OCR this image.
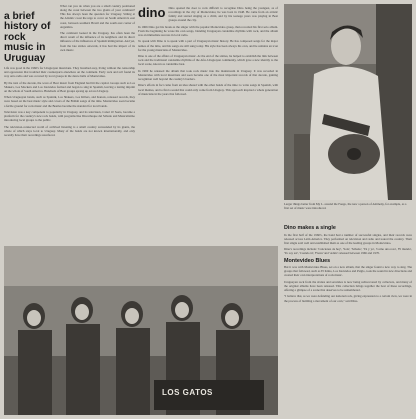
a brief
history of rock
music in
Uruguay

What can you do when you are a small country positioned along the coast between the two giants of your continent? This has always been the question for Uruguay. Sitting at the Atlantic coast the urge to cover on South America's east coast, between southern Brazil and the south east corner of Argentina.

The continent looked in the Uruguay, has often been the direct result of the influence of its neighbors and its direct influence of the influences of Spanish immigration. And yet, from the late sixties onwards, it has had the impact of its own music.

Life was good in the 1960's for Uruguayan musicians. They breathed easy, living without the censorship and oppression that troubled their counterparts elsewhere on the continent. Early rock and roll found its way onto radio and was covered by local groups in the dance halls of Montevideo.

By the turn of the decade, the wave of Beat music from England had hit the capital. Groups such as Los Shakers, Los Mockers and Los Iracundos formed and began to sing in Spanish, leaving a lasting imprint on the whole of South America. Hundreds of Beat groups sprang up across Uruguay.

When Uruguayan bands, such as Sputnik, Los Shakers, Los Killers, and Kanois, released records, they were based on the beat music style and covers of the British songs of the time. Montevideo soon became a fertile ground for rock music and the Beatles became the standard for local bands.

Television was a key component to popularity in Uruguay, and its television, Canal 10 Saeta, became a platform for the country's new rock bands, with programs like Discotheque del Sábado and Musicalísimo introducing local groups to the public.

The television-connected world of archived listening is a small country surrounded by its giants, the whole of which stays local to Uruguay. Many of the bands are not known internationally, and only recently have their recordings resurfaced.

dino Dino opened the door to rock difficult to recognise Dino being the youngest, as of recordings in the city of Montevideo; he was born in 1948. He came from an artistic family and started singing as a child, and by his teenage years was playing in Beat groups around the city.

In 1966 Dino got his break as the singer with the popular Montevideo group, then recorded his first solo album. From the beginning he wrote his own songs, blending Uruguayan candombe rhythms with rock, and the album was an immediate success in local radio.

To speak with Dino is to speak with a part of Uruguayan music history. He has composed songs for the major names of the time, and his songs are still sung today. His style has been always his own, and he remains an icon for the young musicians of Montevideo.

Dino is one of the affairs of Uruguayan music. At the end of the sixties, he helped to establish the link between rock and the traditional candombe rhythms of the Afro-Uruguayan community, which gave a new identity to the local scene, known as candombe beat.

In 1969 he released the album that took rock music into the mainstream in Uruguay. It was recorded in Montevideo with local musicians and soon became one of the most important records of that decade, gaining recognition well beyond the country's borders.

Dino's efforts in fact came from an idea shared with the other bands of the time: to write songs in Spanish, with local themes, and to find a sound that could only come from Uruguay. This approach inspired a whole generation of musicians in the years that followed.

Larger things better from My L. around the Fuego, the new a person of Ammeny, for example, as a first set of music were introduced.
Dino makes a single

In the first half of the 1960's, the band had a number of successful singles, and their records were released across Latin America. They performed on television and radio and toured the country. Their first single sold well and established them as one of the leading groups in Montevideo.

Dino's recordings include: 'Canciones de hoy', 'Sola', 'Sábado', 'Tú y yo', 'Como una rosa', 'El mundo', 'Yo soy así', 'Cuando tú', 'Fiesta' and 'Adiós' released between 1966 and 1970.

Montevideo Blues

But it was with Montevideo Blues, set on a new album, that the singer found a new way to sing. The groups that followed, such as El Kinto, Los Iracundos and Psiglo, took the sound in new directions and created their own interpretations of rock music.

Uruguayan rock from the sixties and seventies is now being rediscovered by collectors, and many of the original albums have been reissued. This collection brings together the best of these recordings, offering a glimpse of a scene that deserves to be remembered.

"I believe that, as we were defending our national rock, giving expression to a certain view, we were in the process of building a movement of our own," said Dino.

LOS GATOS
